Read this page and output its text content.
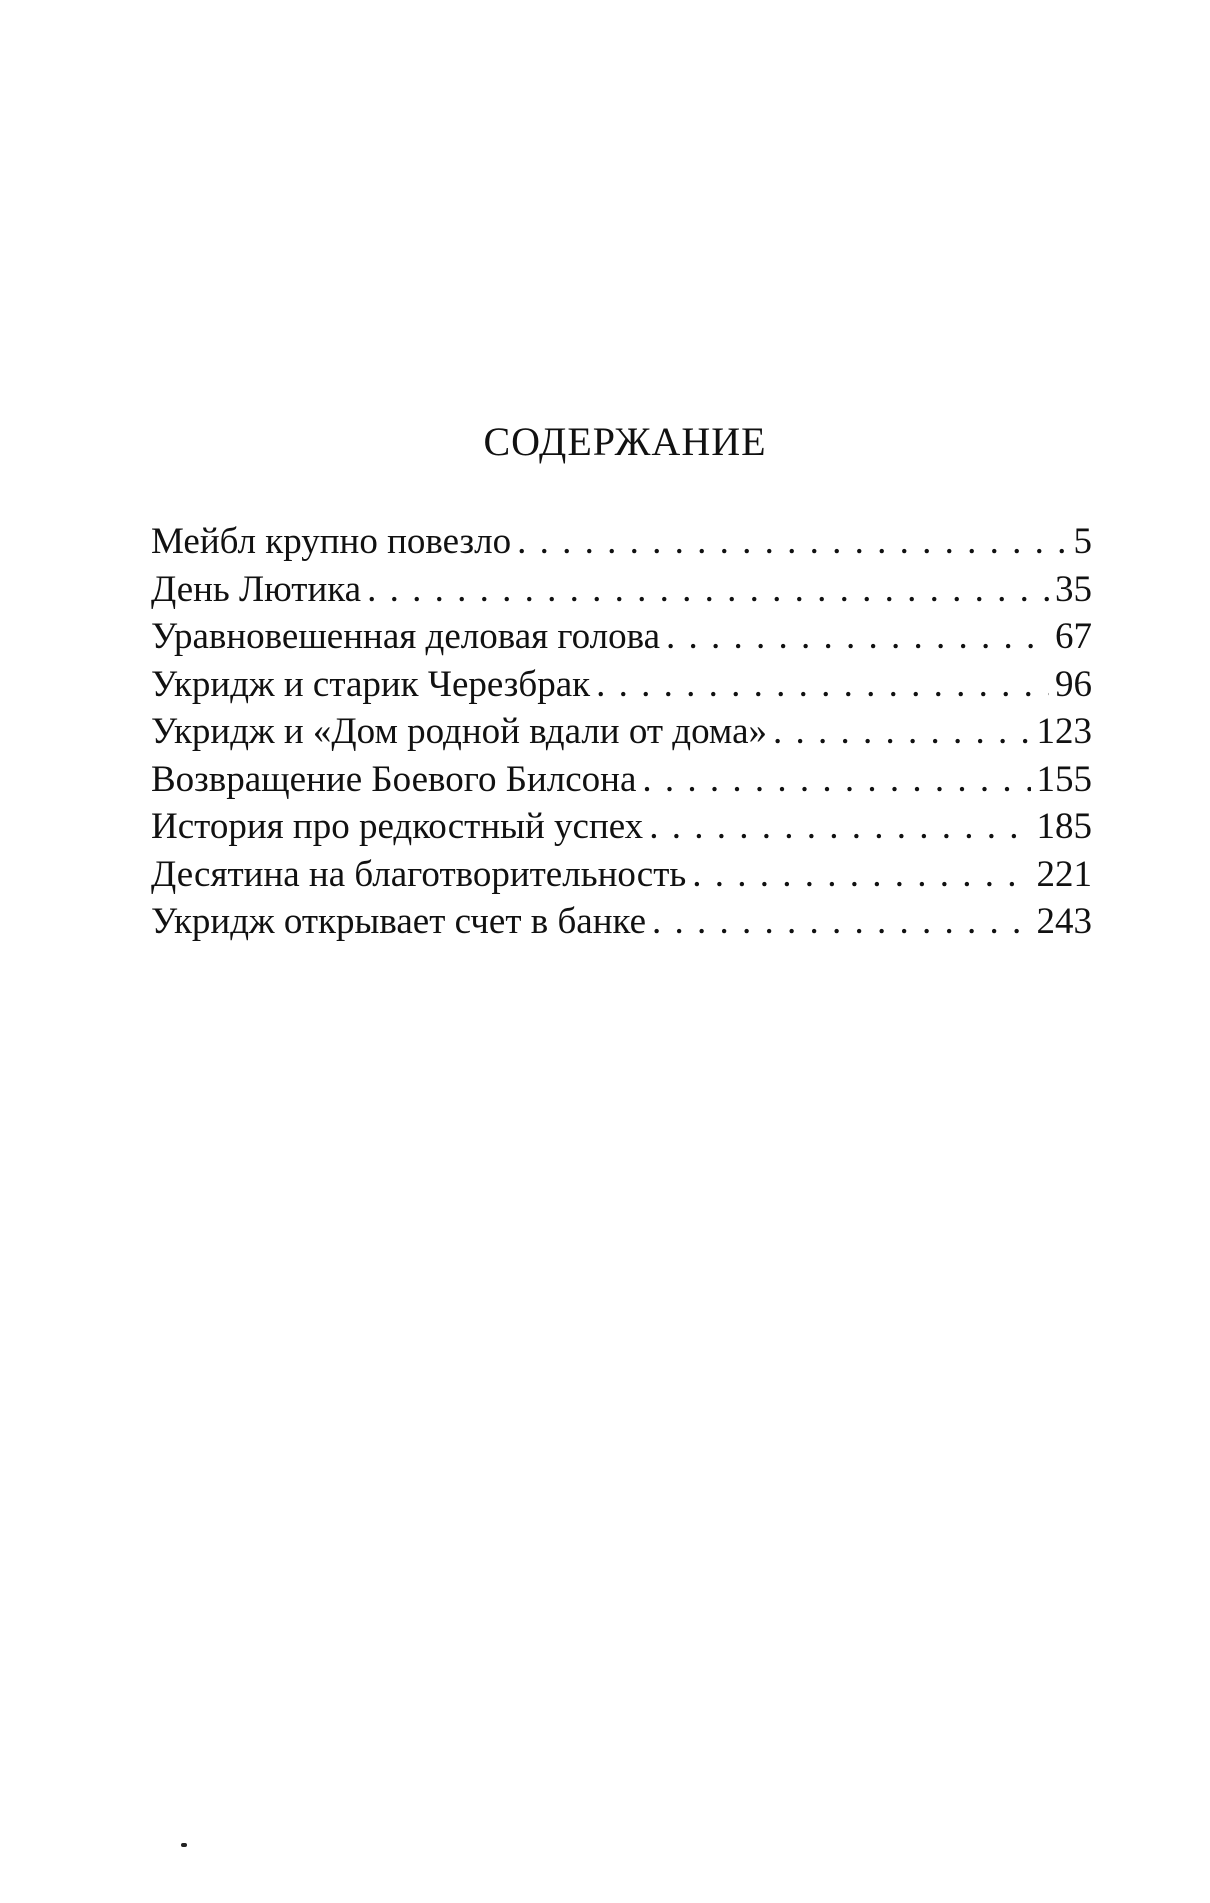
СОДЕРЖАНИЕ
Мейбл крупно повезло . . .	5
День Лютика . . .	35
Уравновешенная деловая голова . . .	67
Укридж и старик Черезбрак . . .	96
Укридж и «Дом родной вдали от дома» . . .	123
Возвращение Боевого Билсона . . .	155
История про редкостный успех . . .	185
Десятина на благотворительность . . .	221
Укридж открывает счет в банке . . .	243
